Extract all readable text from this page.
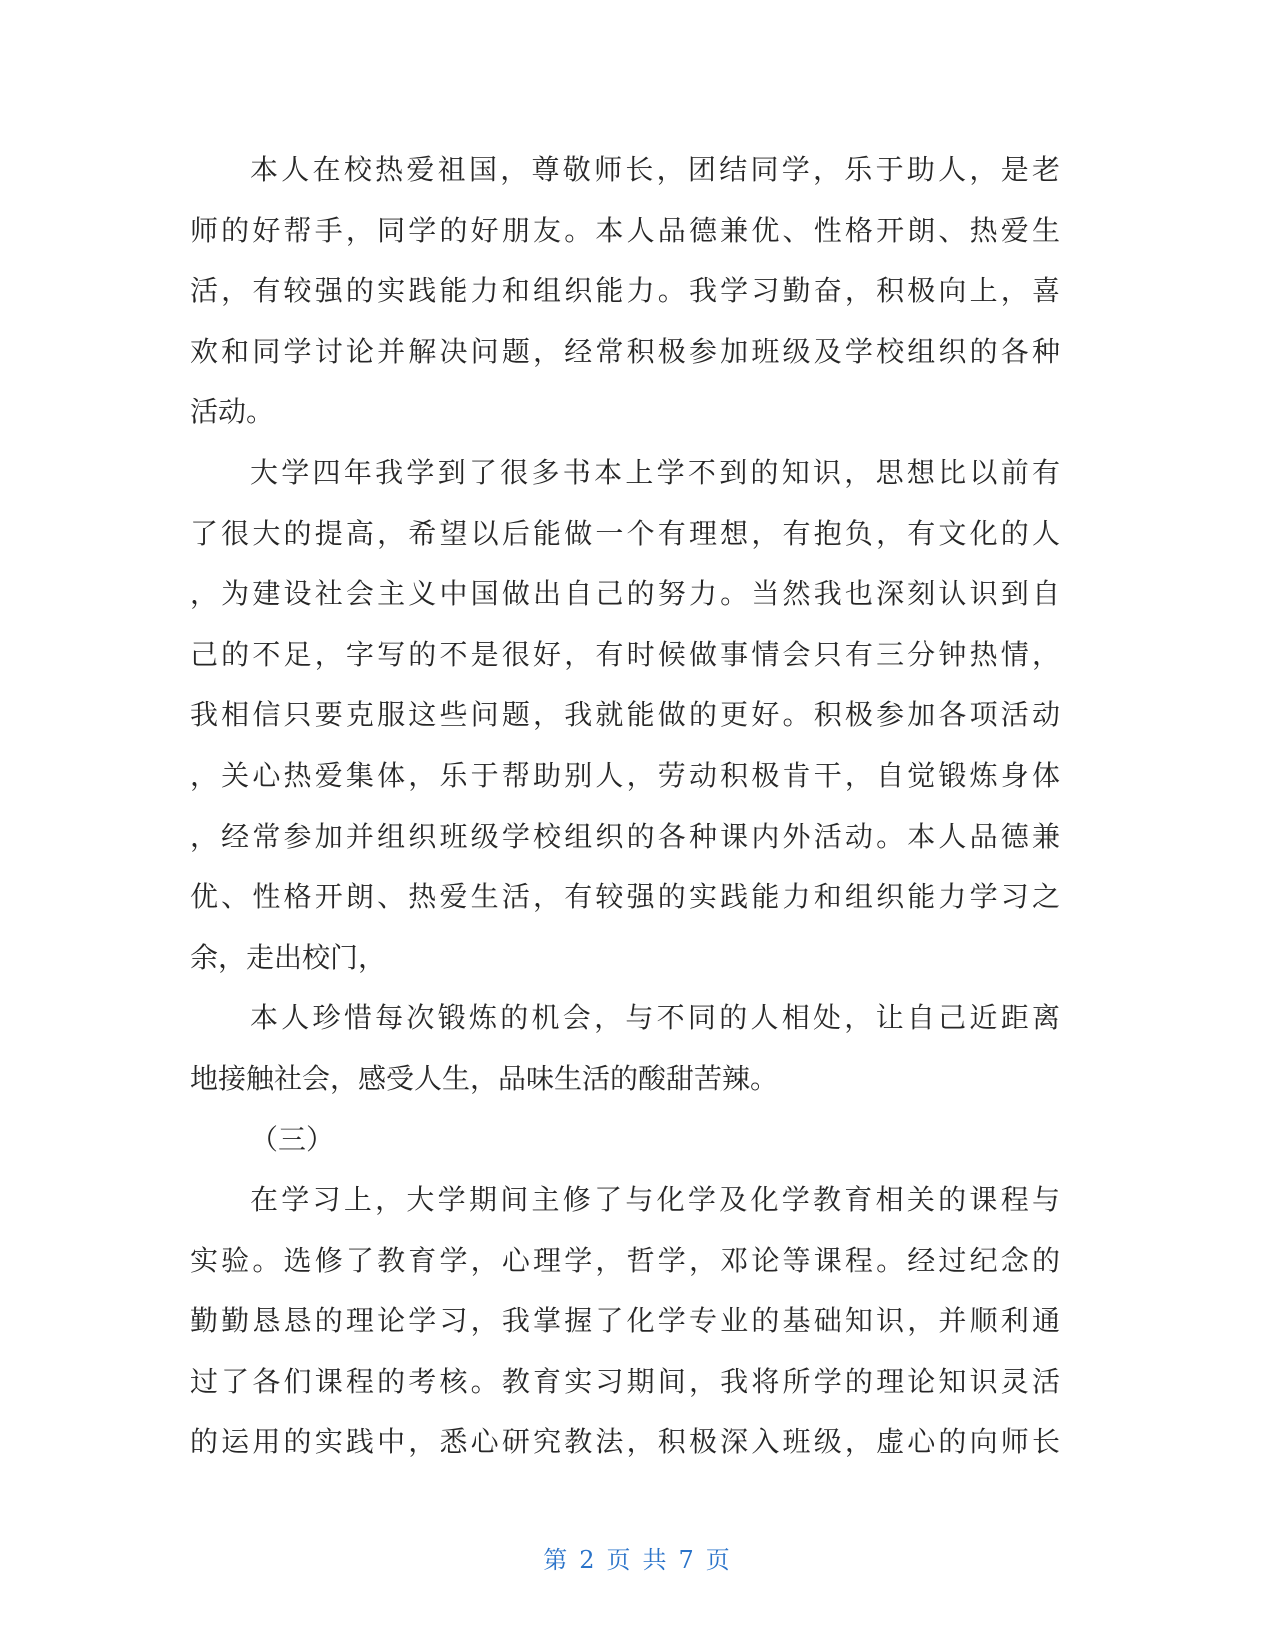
本人在校热爱祖国，尊敬师长，团结同学，乐于助人，是老
师的好帮手，同学的好朋友。本人品德兼优、性格开朗、热爱生
活，有较强的实践能力和组织能力。我学习勤奋，积极向上，喜
欢和同学讨论并解决问题，经常积极参加班级及学校组织的各种
活动。
大学四年我学到了很多书本上学不到的知识，思想比以前有
了很大的提高，希望以后能做一个有理想，有抱负，有文化的人
，为建设社会主义中国做出自己的努力。当然我也深刻认识到自
己的不足，字写的不是很好，有时候做事情会只有三分钟热情，
我相信只要克服这些问题，我就能做的更好。积极参加各项活动
，关心热爱集体，乐于帮助别人，劳动积极肯干，自觉锻炼身体
，经常参加并组织班级学校组织的各种课内外活动。本人品德兼
优、性格开朗、热爱生活，有较强的实践能力和组织能力学习之
余，走出校门，
本人珍惜每次锻炼的机会，与不同的人相处，让自己近距离
地接触社会，感受人生，品味生活的酸甜苦辣。
（三）
在学习上，大学期间主修了与化学及化学教育相关的课程与
实验。选修了教育学，心理学，哲学，邓论等课程。经过纪念的
勤勤恳恳的理论学习，我掌握了化学专业的基础知识，并顺利通
过了各们课程的考核。教育实习期间，我将所学的理论知识灵活
的运用的实践中，悉心研究教法，积极深入班级，虚心的向师长
第 2 页 共 7 页
